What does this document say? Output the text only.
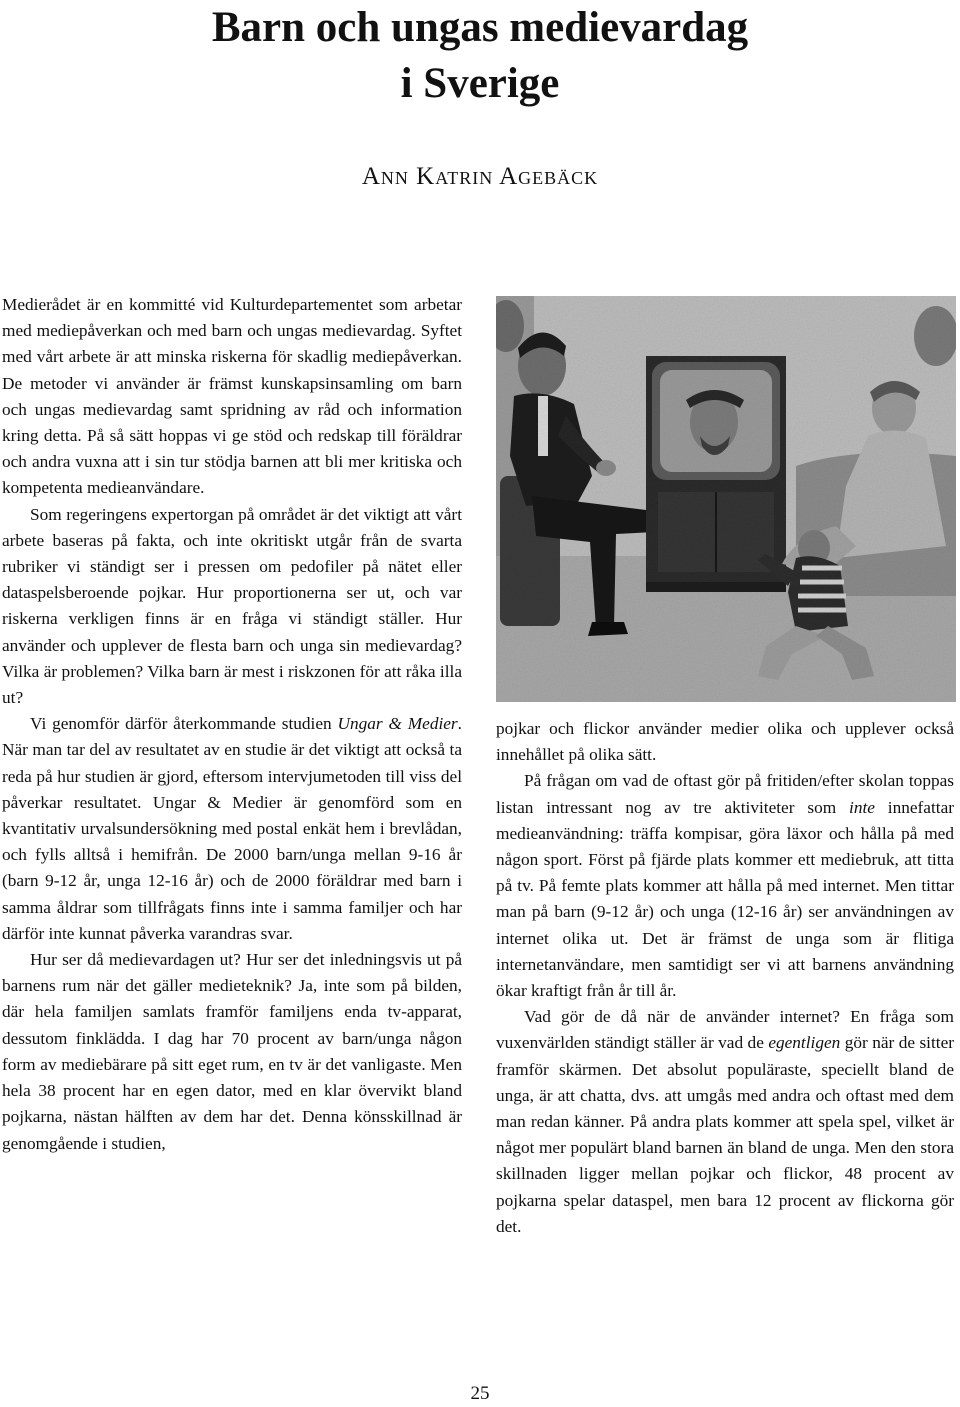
Barn och ungas medievardag
i Sverige

Ann Katrin Agebäck

Medierådet är en kommitté vid Kulturdepartementet som arbetar med mediepåverkan och med barn och ungas medievardag. Syftet med vårt arbete är att minska riskerna för skadlig mediepåverkan. De metoder vi använder är främst kunskapsinsamling om barn och ungas medievardag samt spridning av råd och information kring detta. På så sätt hoppas vi ge stöd och redskap till föräldrar och andra vuxna att i sin tur stödja barnen att bli mer kritiska och kompetenta medieanvändare.

Som regeringens expertorgan på området är det viktigt att vårt arbete baseras på fakta, och inte okritiskt utgår från de svarta rubriker vi ständigt ser i pressen om pedofiler på nätet eller dataspelsberoende pojkar. Hur proportionerna ser ut, och var riskerna verkligen finns är en fråga vi ständigt ställer. Hur använder och upplever de flesta barn och unga sin medievardag? Vilka är problemen? Vilka barn är mest i riskzonen för att råka illa ut?

Vi genomför därför återkommande studien Ungar & Medier. När man tar del av resultatet av en studie är det viktigt att också ta reda på hur studien är gjord, eftersom intervjumetoden till viss del påverkar resultatet. Ungar & Medier är genomförd som en kvantitativ urvalsundersökning med postal enkät hem i brevlådan, och fylls alltså i hemifrån. De 2000 barn/unga mellan 9-16 år (barn 9-12 år, unga 12-16 år) och de 2000 föräldrar med barn i samma åldrar som tillfrågats finns inte i samma familjer och har därför inte kunnat påverka varandras svar.

Hur ser då medievardagen ut? Hur ser det inledningsvis ut på barnens rum när det gäller medieteknik? Ja, inte som på bilden, där hela familjen samlats framför familjens enda tv-apparat, dessutom finklädda. I dag har 70 procent av barn/unga någon form av mediebärare på sitt eget rum, en tv är det vanligaste. Men hela 38 procent har en egen dator, med en klar övervikt bland pojkarna, nästan hälften av dem har det. Denna könsskillnad är genomgående i studien,

pojkar och flickor använder medier olika och upplever också innehållet på olika sätt.

På frågan om vad de oftast gör på fritiden/efter skolan toppas listan intressant nog av tre aktiviteter som inte innefattar medieanvändning: träffa kompisar, göra läxor och hålla på med någon sport. Först på fjärde plats kommer ett mediebruk, att titta på tv. På femte plats kommer att hålla på med internet. Men tittar man på barn (9-12 år) och unga (12-16 år) ser användningen av internet olika ut. Det är främst de unga som är flitiga internetanvändare, men samtidigt ser vi att barnens användning ökar kraftigt från år till år.

Vad gör de då när de använder internet? En fråga som vuxenvärlden ständigt ställer är vad de egentligen gör när de sitter framför skärmen. Det absolut populäraste, speciellt bland de unga, är att chatta, dvs. att umgås med andra och oftast med dem man redan känner. På andra plats kommer att spela spel, vilket är något mer populärt bland barnen än bland de unga. Men den stora skillnaden ligger mellan pojkar och flickor, 48 procent av pojkarna spelar dataspel, men bara 12 procent av flickorna gör det.

25
